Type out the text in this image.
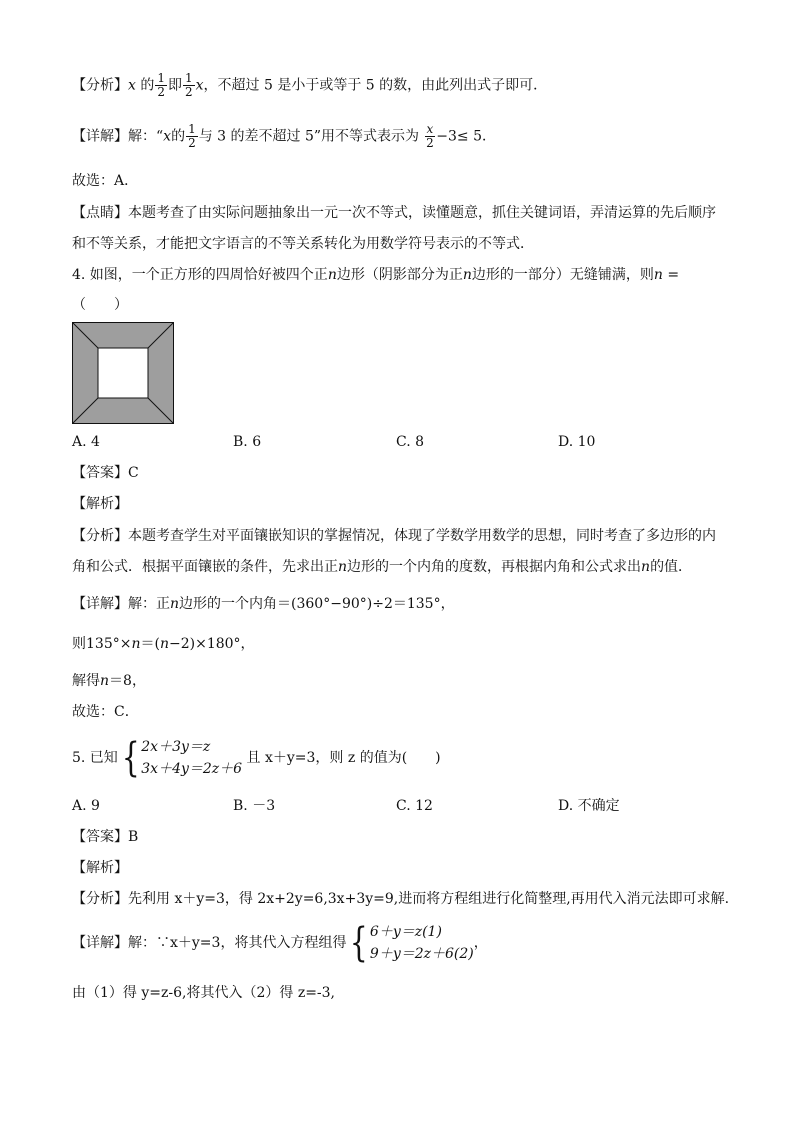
【分析】x 的 $\frac{1}{2}$ 即 $\frac{1}{2}$ x，不超过 5 是小于或等于 5 的数，由此列出式子即可．
【详解】解：“x的 $\frac{1}{2}$ 与 3 的差不超过 5”用不等式表示为 $\frac{x}{2} -3\le 5$．
故选：A．
【点睛】本题考查了由实际问题抽象出一元一次不等式，读懂题意，抓住关键词语，弄清运算的先后顺序
和不等关系，才能把文字语言的不等关系转化为用数学符号表示的不等式．
4. 如图，一个正方形的四周恰好被四个正n边形（阴影部分为正n边形的一部分）无缝铺满，则n =
（　　）
A. 4	B. 6	C. 8	D. 10
【答案】C
【解析】
【分析】本题考查学生对平面镶嵌知识的掌握情况，体现了学数学用数学的思想，同时考查了多边形的内
角和公式．根据平面镶嵌的条件，先求出正n边形的一个内角的度数，再根据内角和公式求出n的值．
【详解】解：正n边形的一个内角＝(360°−90°)÷2＝135°，
则135°×n＝(n−2)×180°，
解得n＝8，
故选：C．
5. 已知{ 2x＋3y＝z
3x＋4y＝2z＋6
且 x＋y=3，则 z 的值为(　　)
A. 9	B. －3	C. 12	D. 不确定
【答案】B
【解析】
【分析】先利用 x＋y=3，得 2x+2y=6,3x+3y=9,进而将方程组进行化简整理,再用代入消元法即可求解.
【详解】解：∵x＋y=3，将其代入方程组得{ 6＋y＝z(1)
9＋y＝2z＋6(2)
，
由（1）得 y=z-6,将其代入（2）得 z=-3,
